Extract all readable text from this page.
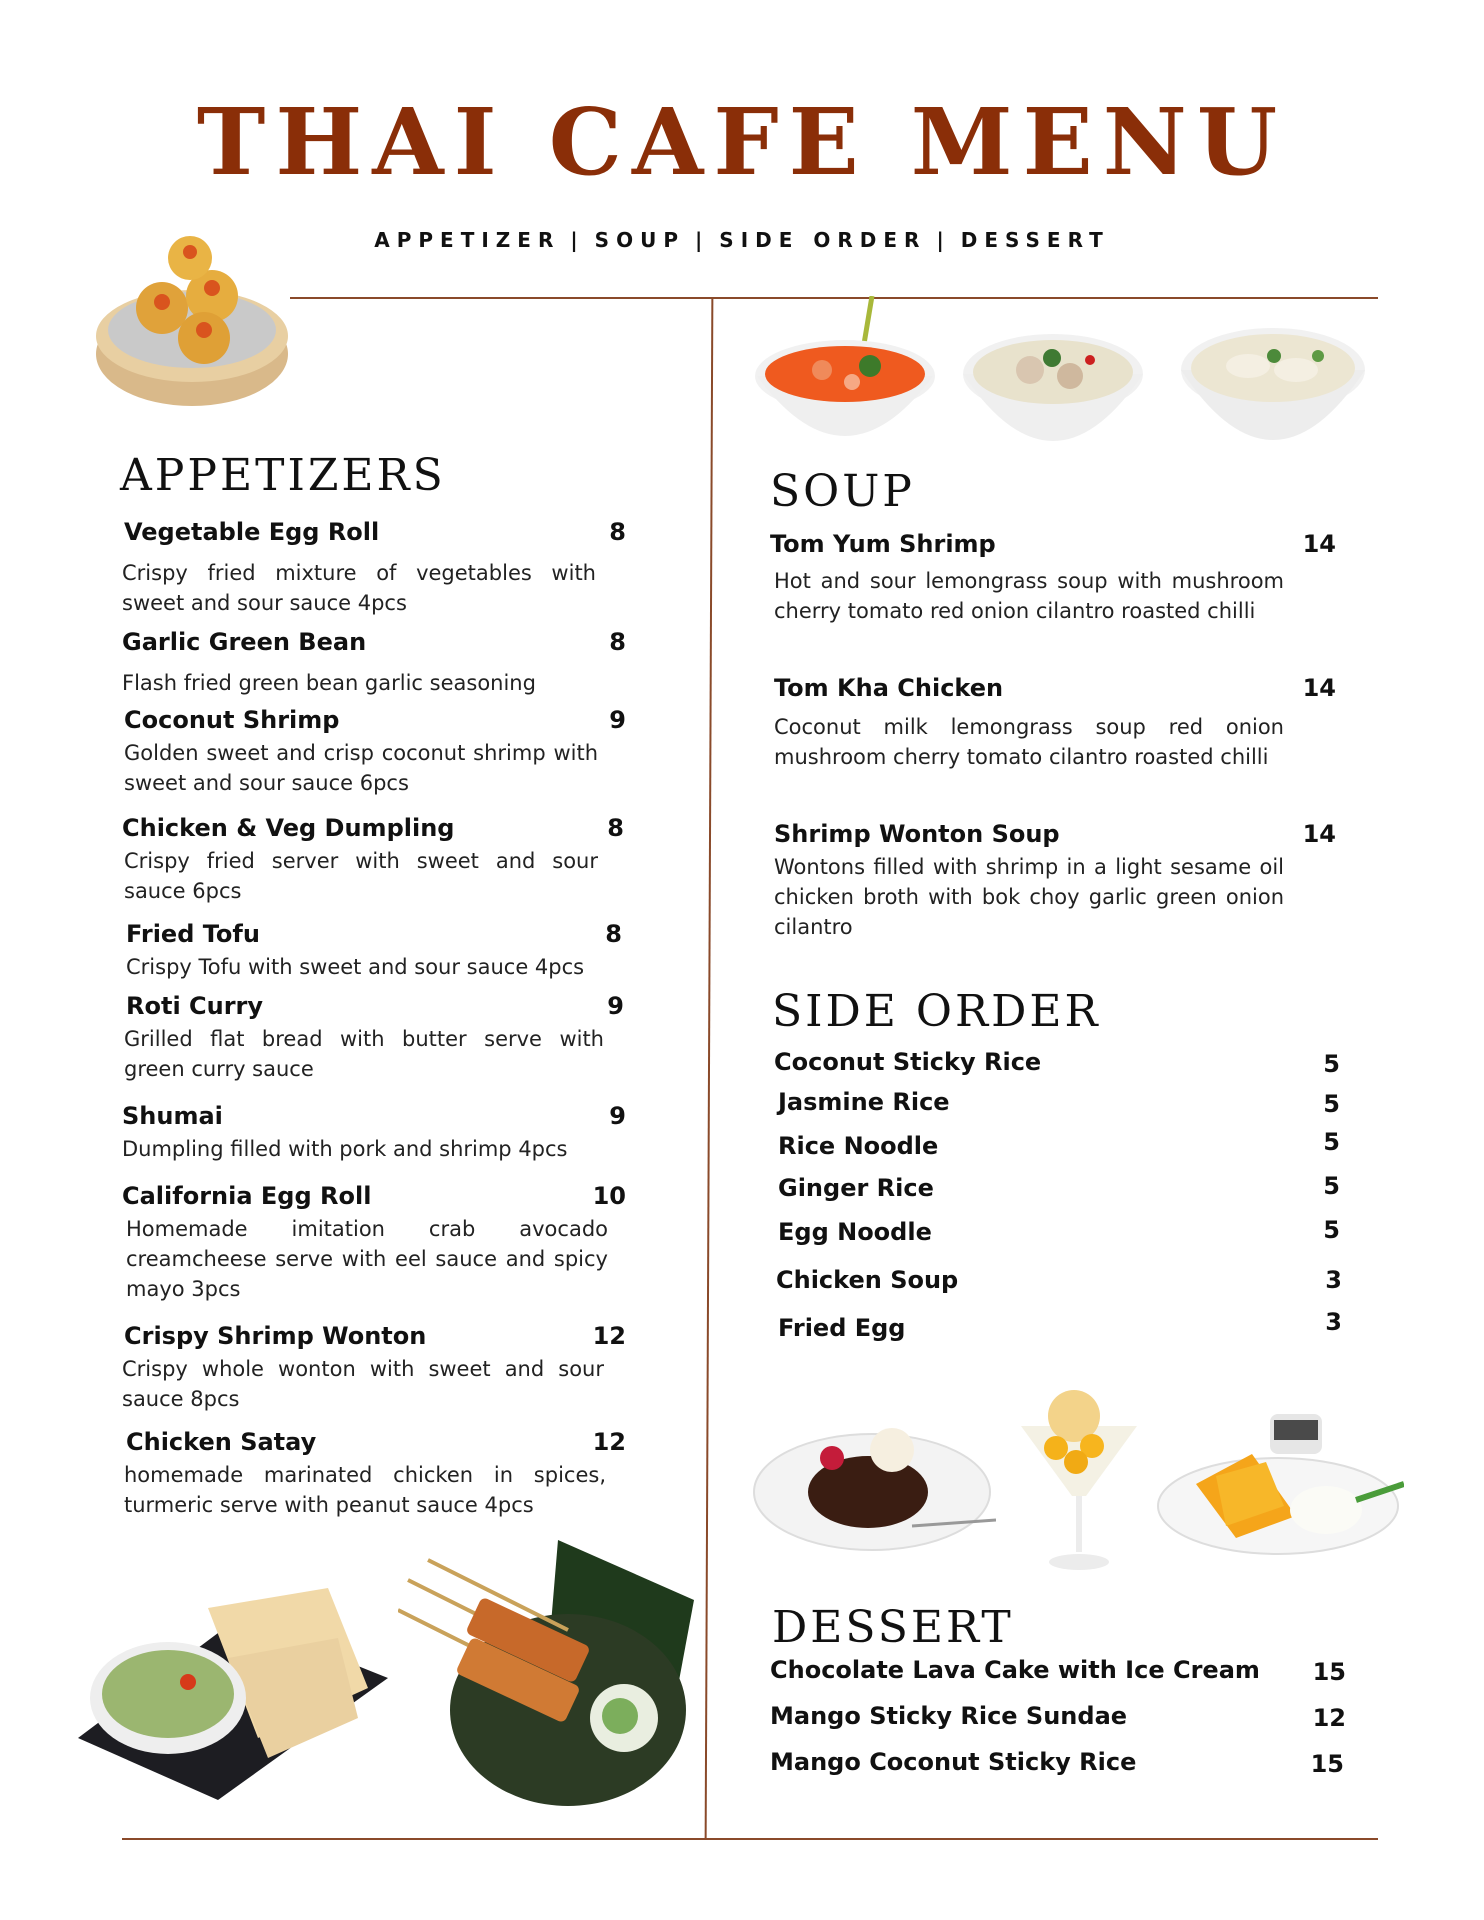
THAI CAFE MENU
APPETIZER | SOUP | SIDE ORDER | DESSERT
APPETIZERS
Vegetable Egg Roll	8
Crispy fried mixture of vegetables with sweet and sour sauce 4pcs
Garlic Green Bean	8
Flash fried green bean garlic seasoning
Coconut Shrimp	9
Golden sweet and crisp coconut shrimp with sweet and sour sauce 6pcs
Chicken & Veg Dumpling	8
Crispy fried server with sweet and sour sauce 6pcs
Fried Tofu	8
Crispy Tofu with sweet and sour sauce 4pcs
Roti Curry	9
Grilled flat bread with butter serve with green curry sauce
Shumai	9
Dumpling filled with pork and shrimp 4pcs
California Egg Roll	10
Homemade imitation crab avocado creamcheese serve with eel sauce and spicy mayo 3pcs
Crispy Shrimp Wonton	12
Crispy whole wonton with sweet and sour sauce 8pcs
Chicken Satay	12
homemade marinated chicken in spices, turmeric serve with peanut sauce 4pcs
SOUP
Tom Yum Shrimp	14
Hot and sour lemongrass soup with mushroom cherry tomato red onion cilantro roasted chilli
Tom Kha Chicken	14
Coconut milk lemongrass soup red onion mushroom cherry tomato cilantro roasted chilli
Shrimp Wonton Soup	14
Wontons filled with shrimp in a light sesame oil chicken broth with bok choy garlic green onion cilantro
SIDE ORDER
Coconut Sticky Rice	5
Jasmine Rice	5
Rice Noodle	5
Ginger Rice	5
Egg Noodle	5
Chicken Soup	3
Fried Egg	3
DESSERT
Chocolate Lava Cake with Ice Cream	15
Mango Sticky Rice Sundae	12
Mango Coconut Sticky Rice	15
